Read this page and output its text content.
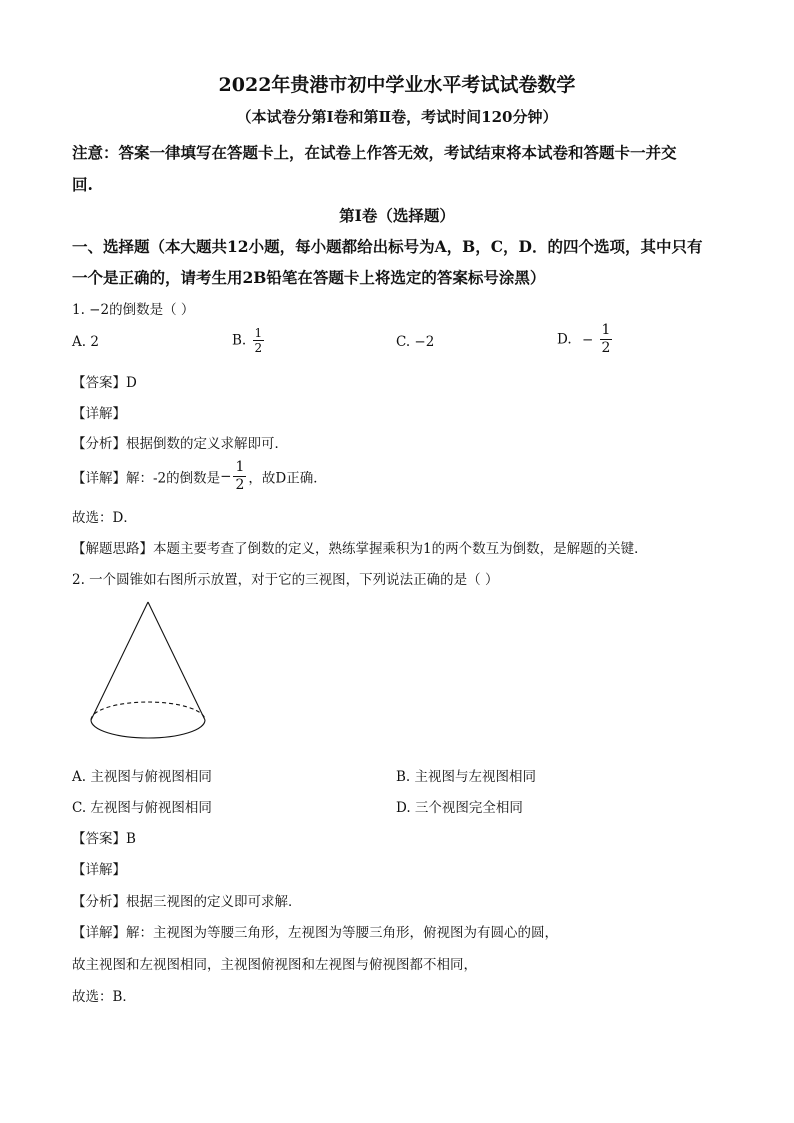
2022年贵港市初中学业水平考试试卷数学
（本试卷分第Ⅰ卷和第Ⅱ卷，考试时间120分钟）
注意：答案一律填写在答题卡上，在试卷上作答无效，考试结束将本试卷和答题卡一并交
回.
第Ⅰ卷（选择题）
一、选择题（本大题共12小题，每小题都给出标号为A，B，C，D．的四个选项，其中只有
一个是正确的，请考生用2B铅笔在答题卡上将选定的答案标号涂黑）
1. −2的倒数是（ ）
A. 2	B. $\frac{1}{2}$	C. −2	D. − $\frac{1}{2}$
【答案】D
【详解】
【分析】根据倒数的定义求解即可．
【详解】解：-2的倒数是− $\frac{1}{2}$ ，故D正确．
故选：D．
【解题思路】本题主要考查了倒数的定义，熟练掌握乘积为1的两个数互为倒数，是解题的关键．
2. 一个圆锥如右图所示放置，对于它的三视图，下列说法正确的是（ ）
A. 主视图与俯视图相同	B. 主视图与左视图相同
C. 左视图与俯视图相同	D. 三个视图完全相同
【答案】B
【详解】
【分析】根据三视图的定义即可求解．
【详解】解：主视图为等腰三角形，左视图为等腰三角形，俯视图为有圆心的圆，
故主视图和左视图相同，主视图俯视图和左视图与俯视图都不相同，
故选：B．
